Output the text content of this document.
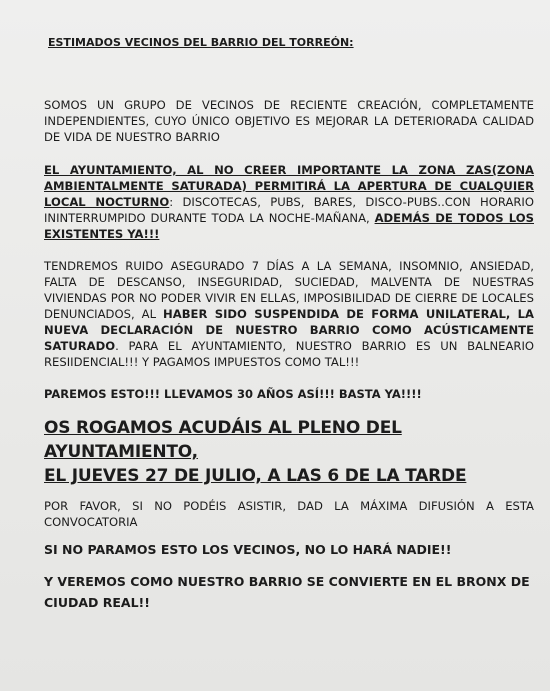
ESTIMADOS VECINOS DEL BARRIO DEL TORREÓN:

SOMOS UN GRUPO DE VECINOS DE RECIENTE CREACIÓN, COMPLETAMENTE INDEPENDIENTES, CUYO ÚNICO OBJETIVO ES MEJORAR LA DETERIORADA CALIDAD DE VIDA DE NUESTRO BARRIO

EL AYUNTAMIENTO, AL NO CREER IMPORTANTE LA ZONA ZAS(ZONA AMBIENTALMENTE SATURADA) PERMITIRÁ LA APERTURA DE CUALQUIER LOCAL NOCTURNO: DISCOTECAS, PUBS, BARES, DISCO-PUBS..CON HORARIO ININTERRUMPIDO DURANTE TODA LA NOCHE-MAÑANA, ADEMÁS DE TODOS LOS EXISTENTES YA!!!

TENDREMOS RUIDO ASEGURADO 7 DÍAS A LA SEMANA, INSOMNIO, ANSIEDAD, FALTA DE DESCANSO, INSEGURIDAD, SUCIEDAD, MALVENTA DE NUESTRAS VIVIENDAS POR NO PODER VIVIR EN ELLAS, IMPOSIBILIDAD DE CIERRE DE LOCALES DENUNCIADOS, AL HABER SIDO SUSPENDIDA DE FORMA UNILATERAL, LA NUEVA DECLARACIÓN DE NUESTRO BARRIO COMO ACÚSTICAMENTE SATURADO. PARA EL AYUNTAMIENTO, NUESTRO BARRIO ES UN BALNEARIO RESIIDENCIAL!!! Y PAGAMOS IMPUESTOS COMO TAL!!!

PAREMOS ESTO!!! LLEVAMOS 30 AÑOS ASÍ!!! BASTA YA!!!!

OS ROGAMOS ACUDÁIS AL PLENO DEL AYUNTAMIENTO,
EL JUEVES 27 DE JULIO, A LAS 6 DE LA TARDE

POR FAVOR, SI NO PODÉIS ASISTIR, DAD LA MÁXIMA DIFUSIÓN A ESTA CONVOCATORIA

SI NO PARAMOS ESTO LOS VECINOS, NO LO HARÁ NADIE!!

Y VEREMOS COMO NUESTRO BARRIO SE CONVIERTE EN EL BRONX DE CIUDAD REAL!!
